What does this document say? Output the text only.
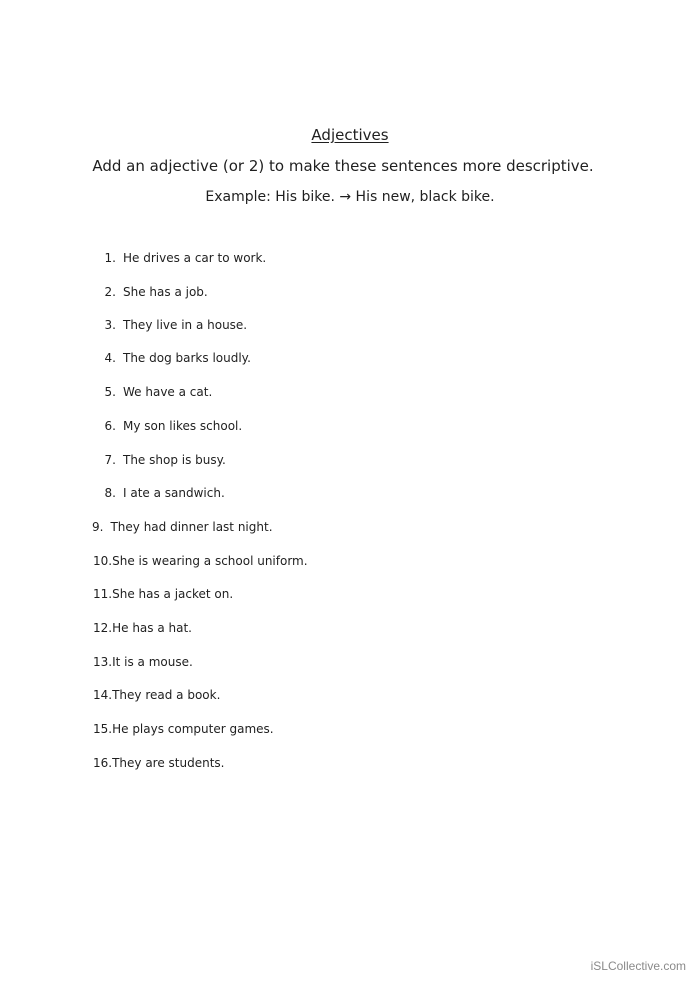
Adjectives
Add an adjective (or 2) to make these sentences more descriptive.
Example: His bike. → His new, black bike.
1. He drives a car to work.
2. She has a job.
3. They live in a house.
4. The dog barks loudly.
5. We have a cat.
6. My son likes school.
7. The shop is busy.
8. I ate a sandwich.
9. They had dinner last night.
10.She is wearing a school uniform.
11.She has a jacket on.
12.He has a hat.
13.It is a mouse.
14.They read a book.
15.He plays computer games.
16.They are students.
iSLCollective.com
